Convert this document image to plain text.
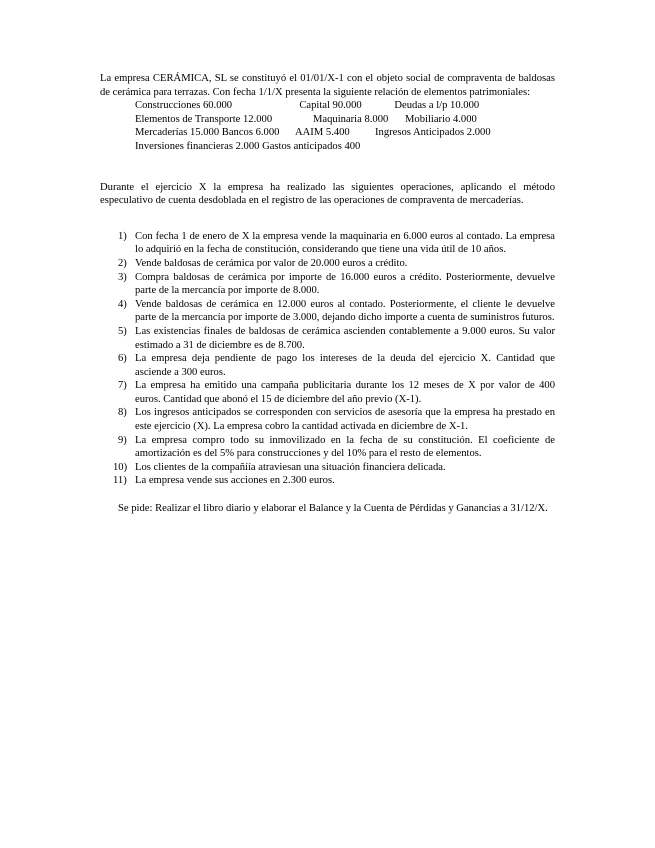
La empresa CERÁMICA, SL se constituyó el 01/01/X-1 con el objeto social de compraventa de baldosas de cerámica para terrazas. Con fecha 1/1/X presenta la siguiente relación de elementos patrimoniales:

Construcciones 60.000	Capital 90.000	Deudas a l/p 10.000
Elementos de Transporte 12.000	Maquinaria 8.000	Mobiliario 4.000
Mercaderías 15.000 Bancos 6.000	AAIM 5.400	Ingresos Anticipados 2.000
Inversiones financieras 2.000 Gastos anticipados 400

Durante el ejercicio X la empresa ha realizado las siguientes operaciones, aplicando el método especulativo de cuenta desdoblada en el registro de las operaciones de compraventa de mercaderías.

1) Con fecha 1 de enero de X la empresa vende la maquinaria en 6.000 euros al contado. La empresa lo adquirió en la fecha de constitución, considerando que tiene una vida útil de 10 años.
2) Vende baldosas de cerámica por valor de 20.000 euros a crédito.
3) Compra baldosas de cerámica por importe de 16.000 euros a crédito. Posteriormente, devuelve parte de la mercancía por importe de 8.000.
4) Vende baldosas de cerámica en 12.000 euros al contado. Posteriormente, el cliente le devuelve parte de la mercancía por importe de 3.000, dejando dicho importe a cuenta de suministros futuros.
5) Las existencias finales de baldosas de cerámica ascienden contablemente a 9.000 euros. Su valor estimado a 31 de diciembre es de 8.700.
6) La empresa deja pendiente de pago los intereses de la deuda del ejercicio X. Cantidad que asciende a 300 euros.
7) La empresa ha emitido una campaña publicitaria durante los 12 meses de X por valor de 400 euros. Cantidad que abonó el 15 de diciembre del año previo (X-1).
8) Los ingresos anticipados se corresponden con servicios de asesoría que la empresa ha prestado en este ejercicio (X). La empresa cobro la cantidad activada en diciembre de X-1.
9) La empresa compro todo su inmovilizado en la fecha de su constitución. El coeficiente de amortización es del 5% para construcciones y del 10% para el resto de elementos.
10) Los clientes de la compañíía atraviesan una situación financiera delicada.
11) La empresa vende sus acciones en 2.300 euros.

Se pide: Realizar el libro diario y elaborar el Balance y la Cuenta de Pérdidas y Ganancias a 31/12/X.
